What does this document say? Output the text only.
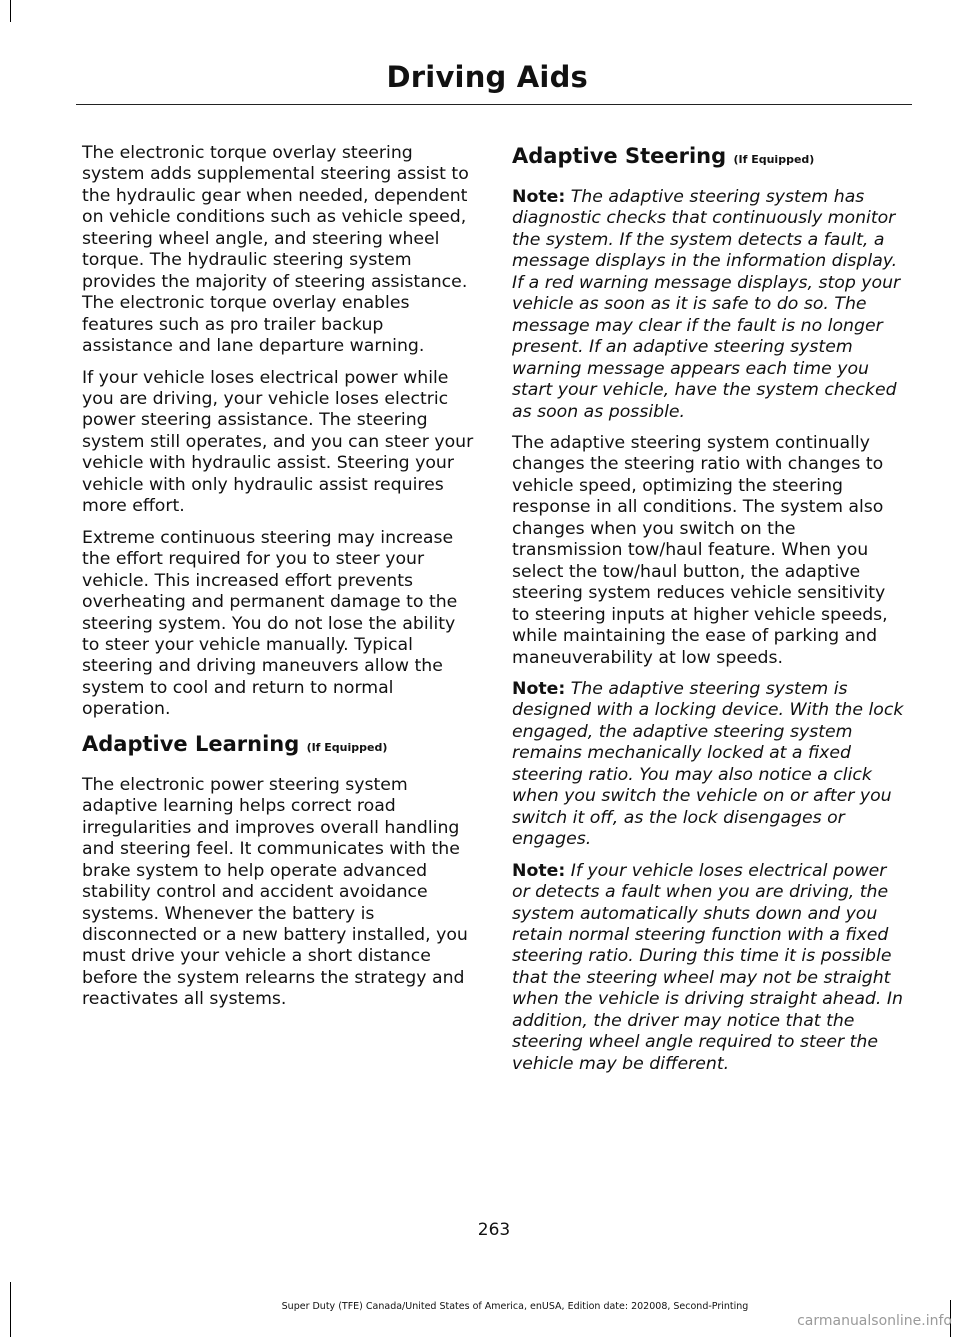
Driving Aids

The electronic torque overlay steering system adds supplemental steering assist to the hydraulic gear when needed, dependent on vehicle conditions such as vehicle speed, steering wheel angle, and steering wheel torque. The hydraulic steering system provides the majority of steering assistance. The electronic torque overlay enables features such as pro trailer backup assistance and lane departure warning.

If your vehicle loses electrical power while you are driving, your vehicle loses electric power steering assistance. The steering system still operates, and you can steer your vehicle with hydraulic assist. Steering your vehicle with only hydraulic assist requires more effort.

Extreme continuous steering may increase the effort required for you to steer your vehicle. This increased effort prevents overheating and permanent damage to the steering system. You do not lose the ability to steer your vehicle manually. Typical steering and driving maneuvers allow the system to cool and return to normal operation.

Adaptive Learning (If Equipped)

The electronic power steering system adaptive learning helps correct road irregularities and improves overall handling and steering feel. It communicates with the brake system to help operate advanced stability control and accident avoidance systems. Whenever the battery is disconnected or a new battery installed, you must drive your vehicle a short distance before the system relearns the strategy and reactivates all systems.

Adaptive Steering (If Equipped)

Note: The adaptive steering system has diagnostic checks that continuously monitor the system. If the system detects a fault, a message displays in the information display. If a red warning message displays, stop your vehicle as soon as it is safe to do so. The message may clear if the fault is no longer present. If an adaptive steering system warning message appears each time you start your vehicle, have the system checked as soon as possible.

The adaptive steering system continually changes the steering ratio with changes to vehicle speed, optimizing the steering response in all conditions. The system also changes when you switch on the transmission tow/haul feature. When you select the tow/haul button, the adaptive steering system reduces vehicle sensitivity to steering inputs at higher vehicle speeds, while maintaining the ease of parking and maneuverability at low speeds.

Note: The adaptive steering system is designed with a locking device. With the lock engaged, the adaptive steering system remains mechanically locked at a fixed steering ratio. You may also notice a click when you switch the vehicle on or after you switch it off, as the lock disengages or engages.

Note: If your vehicle loses electrical power or detects a fault when you are driving, the system automatically shuts down and you retain normal steering function with a fixed steering ratio. During this time it is possible that the steering wheel may not be straight when the vehicle is driving straight ahead. In addition, the driver may notice that the steering wheel angle required to steer the vehicle may be different.

263
Super Duty (TFE) Canada/United States of America, enUSA, Edition date: 202008, Second-Printing
carmanualsonline.info
